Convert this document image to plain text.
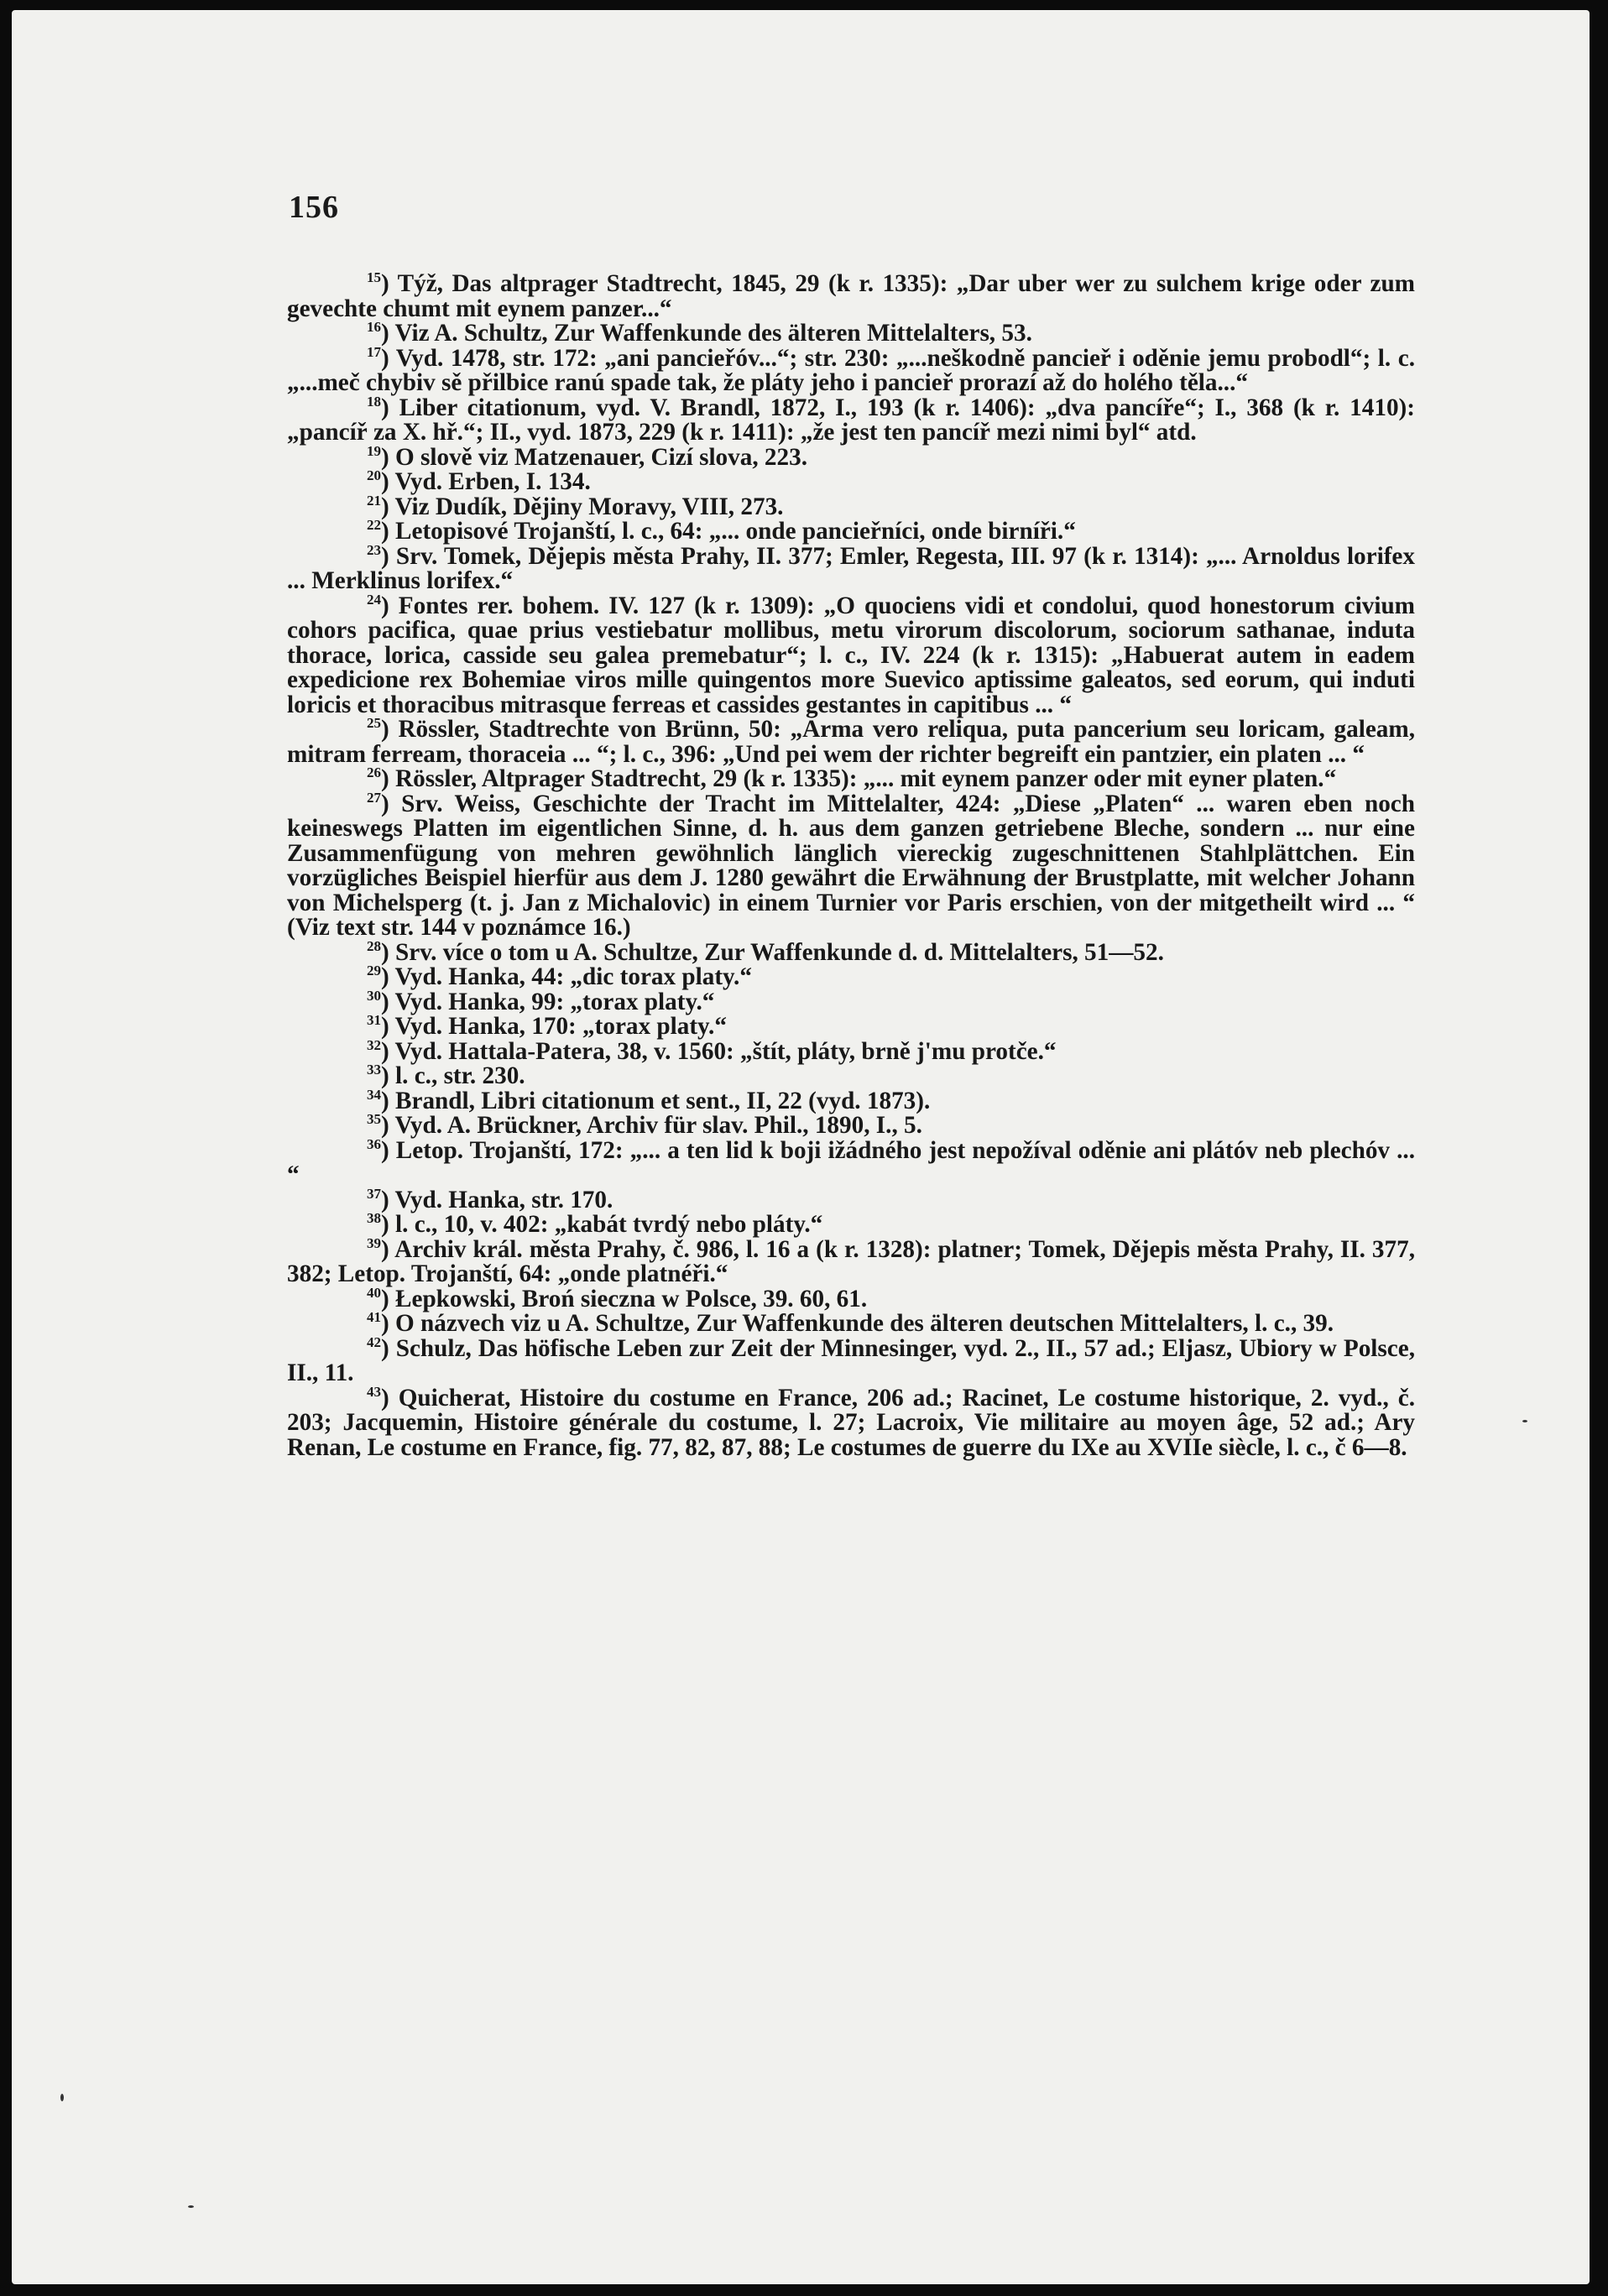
156

$^{15}$) Týž, Das altprager Stadtrecht, 1845, 29 (k r. 1335): „Dar uber wer zu sulchem krige oder zum gevechte chumt mit eynem panzer...“

$^{16}$) Viz A. Schultz, Zur Waffenkunde des älteren Mittelalters, 53.

$^{17}$) Vyd. 1478, str. 172: „ani pancieřóv...“; str. 230: „...neškodně pancieř i oděnie jemu probodl“; l. c. „...meč chybiv sě přilbice ranú spade tak, že pláty jeho i pancieř prorazí až do holého těla...“

$^{18}$) Liber citationum, vyd. V. Brandl, 1872, I., 193 (k r. 1406): „dva pancíře“; I., 368 (k r. 1410): „pancíř za X. hř.“; II., vyd. 1873, 229 (k r. 1411): „že jest ten pancíř mezi nimi byl“ atd.

$^{19}$) O slově viz Matzenauer, Cizí slova, 223.

$^{20}$) Vyd. Erben, I. 134.

$^{21}$) Viz Dudík, Dějiny Moravy, VIII, 273.

$^{22}$) Letopisové Trojanští, l. c., 64: „... onde pancieřníci, onde birníři.“

$^{23}$) Srv. Tomek, Dějepis města Prahy, II. 377; Emler, Regesta, III. 97 (k r. 1314): „... Arnoldus lorifex ... Merklinus lorifex.“

$^{24}$) Fontes rer. bohem. IV. 127 (k r. 1309): „O quociens vidi et condolui, quod honestorum civium cohors pacifica, quae prius vestiebatur mollibus, metu virorum discolorum, sociorum sathanae, induta thorace, lorica, casside seu galea premebatur“; l. c., IV. 224 (k r. 1315): „Habuerat autem in eadem expedicione rex Bohemiae viros mille quingentos more Suevico aptissime galeatos, sed eorum, qui induti loricis et thoracibus mitrasque ferreas et cassides gestantes in capitibus ... “

$^{25}$) Rössler, Stadtrechte von Brünn, 50: „Arma vero reliqua, puta pancerium seu loricam, galeam, mitram ferream, thoraceia ... “; l. c., 396: „Und pei wem der richter begreift ein pantzier, ein platen ... “

$^{26}$) Rössler, Altprager Stadtrecht, 29 (k r. 1335): „... mit eynem panzer oder mit eyner platen.“

$^{27}$) Srv. Weiss, Geschichte der Tracht im Mittelalter, 424: „Diese „Platen“ ... waren eben noch keineswegs Platten im eigentlichen Sinne, d. h. aus dem ganzen getriebene Bleche, sondern ... nur eine Zusammenfügung von mehren gewöhnlich länglich viereckig zugeschnittenen Stahlplättchen. Ein vorzügliches Beispiel hierfür aus dem J. 1280 gewährt die Erwähnung der Brustplatte, mit welcher Johann von Michelsperg (t. j. Jan z Michalovic) in einem Turnier vor Paris erschien, von der mitgetheilt wird ... “ (Viz text str. 144 v poznámce 16.)

$^{28}$) Srv. více o tom u A. Schultze, Zur Waffenkunde d. d. Mittelalters, 51—52.

$^{29}$) Vyd. Hanka, 44: „dic torax platy.“

$^{30}$) Vyd. Hanka, 99: „torax platy.“

$^{31}$) Vyd. Hanka, 170: „torax platy.“

$^{32}$) Vyd. Hattala-Patera, 38, v. 1560: „štít, pláty, brně j'mu protče.“

$^{33}$) l. c., str. 230.

$^{34}$) Brandl, Libri citationum et sent., II, 22 (vyd. 1873).

$^{35}$) Vyd. A. Brückner, Archiv für slav. Phil., 1890, I., 5.

$^{36}$) Letop. Trojanští, 172: „... a ten lid k boji ižádného jest nepožíval oděnie ani plátóv neb plechóv ... “

$^{37}$) Vyd. Hanka, str. 170.

$^{38}$) l. c., 10, v. 402: „kabát tvrdý nebo pláty.“

$^{39}$) Archiv král. města Prahy, č. 986, l. 16 a (k r. 1328): platner; Tomek, Dějepis města Prahy, II. 377, 382; Letop. Trojanští, 64: „onde platnéři.“

$^{40}$) Łepkowski, Broń sieczna w Polsce, 39. 60, 61.

$^{41}$) O názvech viz u A. Schultze, Zur Waffenkunde des älteren deutschen Mittelalters, l. c., 39.

$^{42}$) Schulz, Das höfische Leben zur Zeit der Minnesinger, vyd. 2., II., 57 ad.; Eljasz, Ubiory w Polsce, II., 11.

$^{43}$) Quicherat, Histoire du costume en France, 206 ad.; Racinet, Le costume historique, 2. vyd., č. 203; Jacquemin, Histoire générale du costume, l. 27; Lacroix, Vie militaire au moyen âge, 52 ad.; Ary Renan, Le costume en France, fig. 77, 82, 87, 88; Le costumes de guerre du IXe au XVIIe siècle, l. c., č 6—8.
